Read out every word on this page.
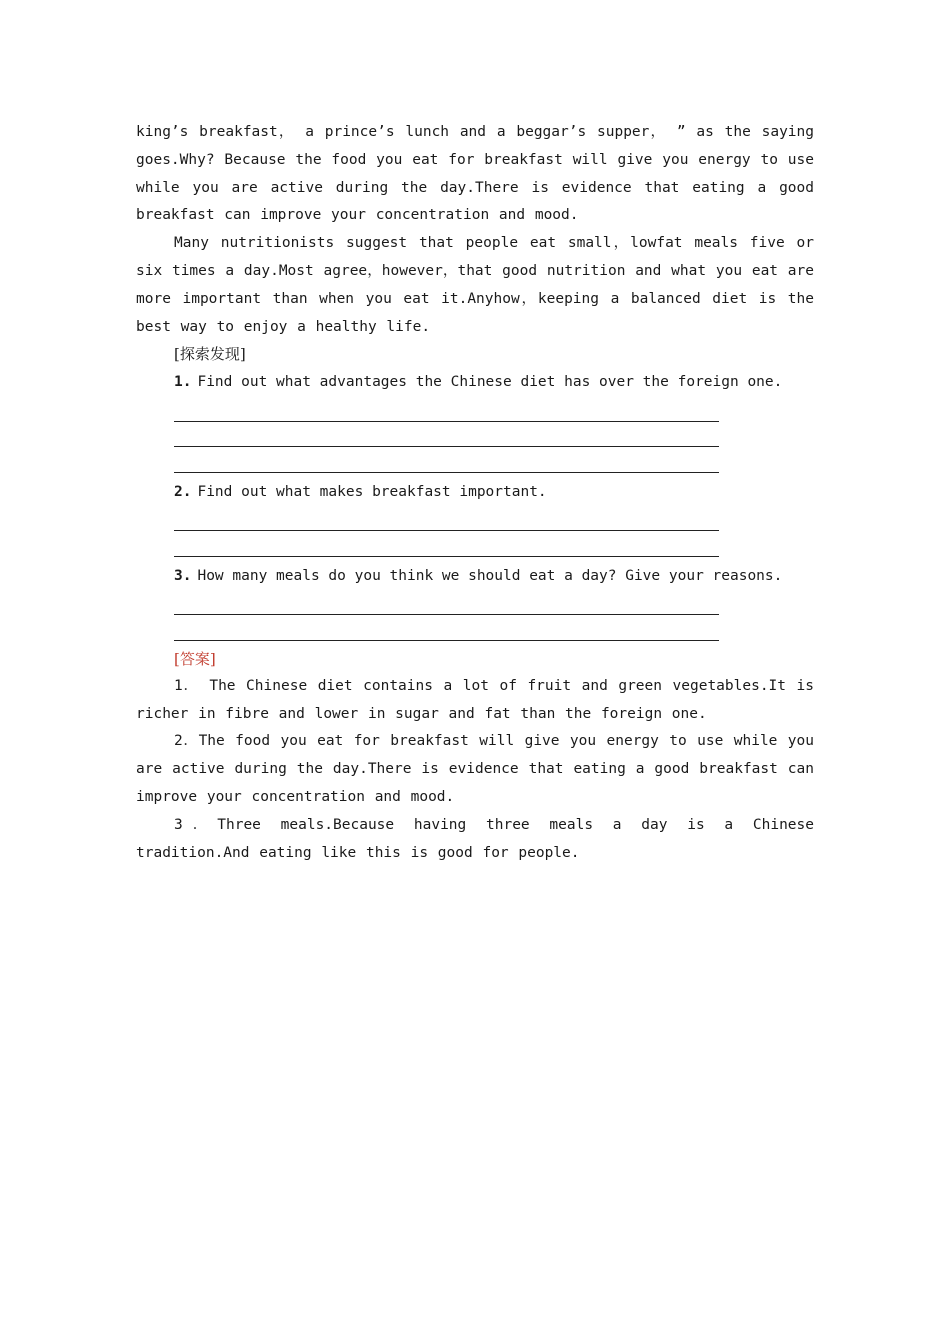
king’s breakfast， a prince’s lunch and a beggar’s supper， ” as the saying goes.Why? Because the food you eat for breakfast will give you energy to use while you are active during the day.There is evidence that eating a good breakfast can improve your concentration and mood.

Many nutritionists suggest that people eat small，lowfat meals five or six times a day.Most agree，however，that good nutrition and what you eat are more important than when you eat it.Anyhow，keeping a balanced diet is the best way to enjoy a healthy life.

[探索发现]

1. Find out what advantages the Chinese diet has over the foreign one.

2. Find out what makes breakfast important.

3. How many meals do you think we should eat a day? Give your reasons.

[答案]

1． The Chinese diet contains a lot of fruit and green vegetables.It is richer in fibre and lower in sugar and fat than the foreign one.

2．The food you eat for breakfast will give you energy to use while you are active during the day.There is evidence that eating a good breakfast can improve your concentration and mood.

3．Three meals.Because having three meals a day is a Chinese tradition.And eating like this is good for people.
